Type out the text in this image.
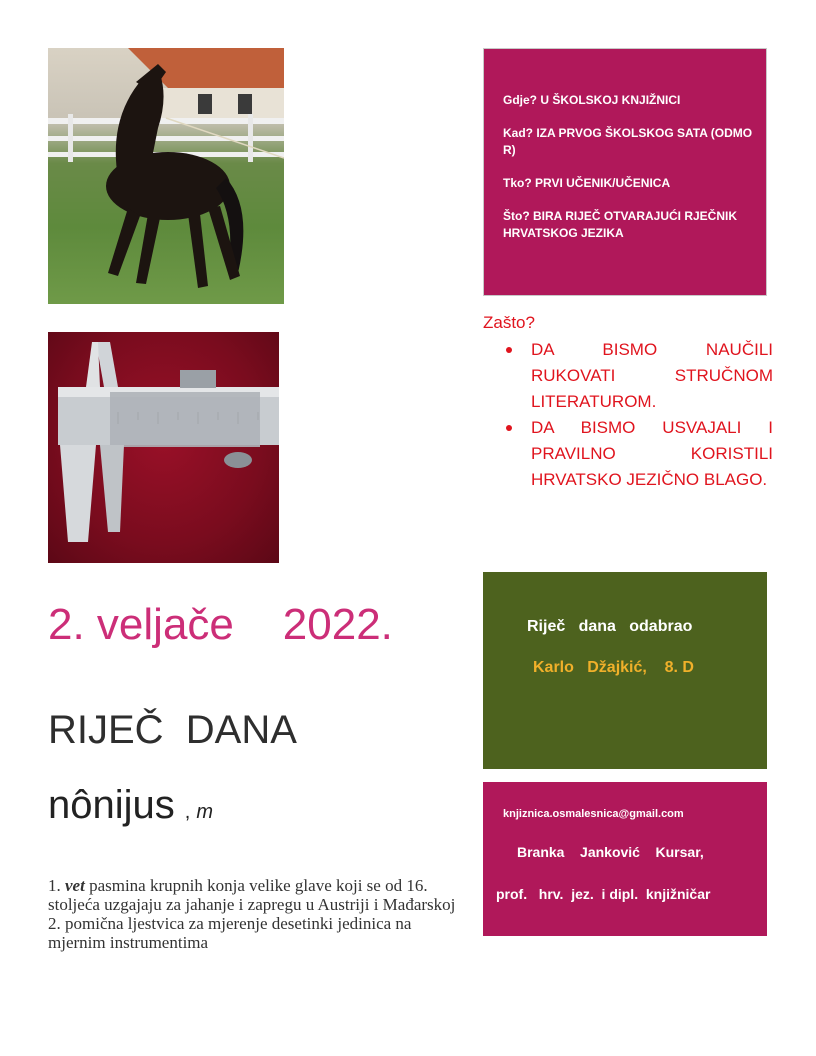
Gdje? U ŠKOLSKOJ KNJIŽNICI

Kad? IZA PRVOG ŠKOLSKOG SATA (ODMO R)

Tko? PRVI UČENIK/UČENICA

Što? BIRA RIJEČ OTVARAJUĆI RJEČNIK HRVATSKOG JEZIKA

Zašto?
DA BISMO NAUČILI RUKOVATI STRUČNOM LITERATUROM.
DA BISMO USVAJALI I PRAVILNO KORISTILI HRVATSKO JEZIČNO BLAGO.
Riječ   dana   odabrao
Karlo   Džajkić,    8. D
knjiznica.osmalesnica@gmail.com
Branka    Janković    Kursar,
prof.   hrv.  jez.  i dipl.  knjižničar
2. veljače    2022.
RIJEČ  DANA
nônijus , m

1. vet pasmina krupnih konja velike glave koji se od 16. stoljeća uzgajaju za jahanje i zapregu u Austriji i Mađarskoj

2. pomična ljestvica za mjerenje desetinki jedinica na mjernim instrumentima
